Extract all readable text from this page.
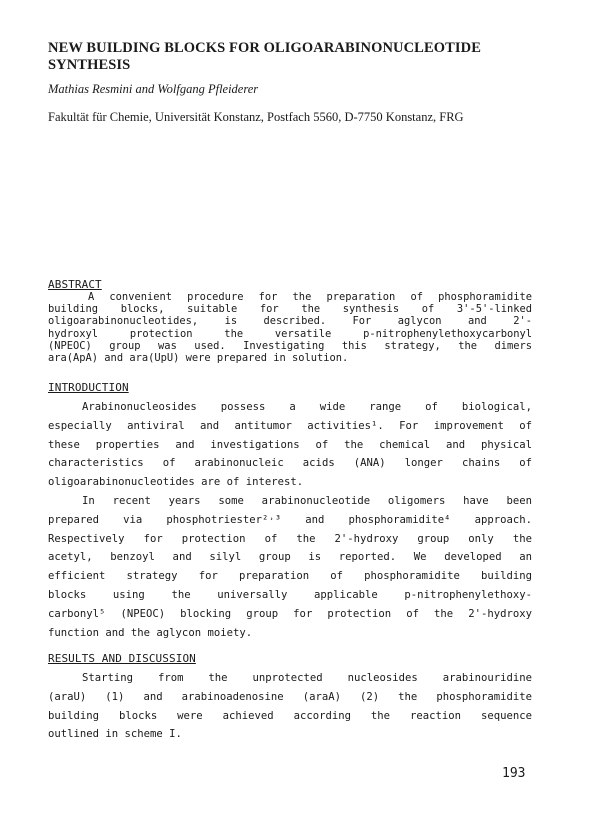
NEW BUILDING BLOCKS FOR OLIGOARABINONUCLEOTIDE SYNTHESIS

Mathias Resmini and Wolfgang Pfleiderer

Fakultät für Chemie, Universität Konstanz, Postfach 5560, D-7750 Konstanz, FRG

ABSTRACT

A convenient procedure for the preparation of phosphoramidite
building blocks, suitable for the synthesis of 3'-5'-linked
oligoarabinonucleotides, is described. For aglycon and 2'-
hydroxyl protection the versatile p-nitrophenylethoxycarbonyl
(NPEOC) group was used. Investigating this strategy, the dimers
ara(ApA) and ara(UpU) were prepared in solution.

INTRODUCTION

Arabinonucleosides possess a wide range of biological,
especially antiviral and antitumor activities¹. For improvement of
these properties and investigations of the chemical and physical
characteristics of arabinonucleic acids (ANA) longer chains of
oligoarabinonucleotides are of interest.
In recent years some arabinonucleotide oligomers have been
prepared via phosphotriester²˒³ and phosphoramidite⁴ approach.
Respectively for protection of the 2'-hydroxy group only the
acetyl, benzoyl and silyl group is reported. We developed an
efficient strategy for preparation of phosphoramidite building
blocks using the universally applicable p-nitrophenylethoxy-
carbonyl⁵ (NPEOC) blocking group for protection of the 2'-hydroxy
function and the aglycon moiety.

RESULTS AND DISCUSSION

Starting from the unprotected nucleosides arabinouridine
(araU) (1) and arabinoadenosine (araA) (2) the phosphoramidite
building blocks were achieved according the reaction sequence
outlined in scheme I.

193
